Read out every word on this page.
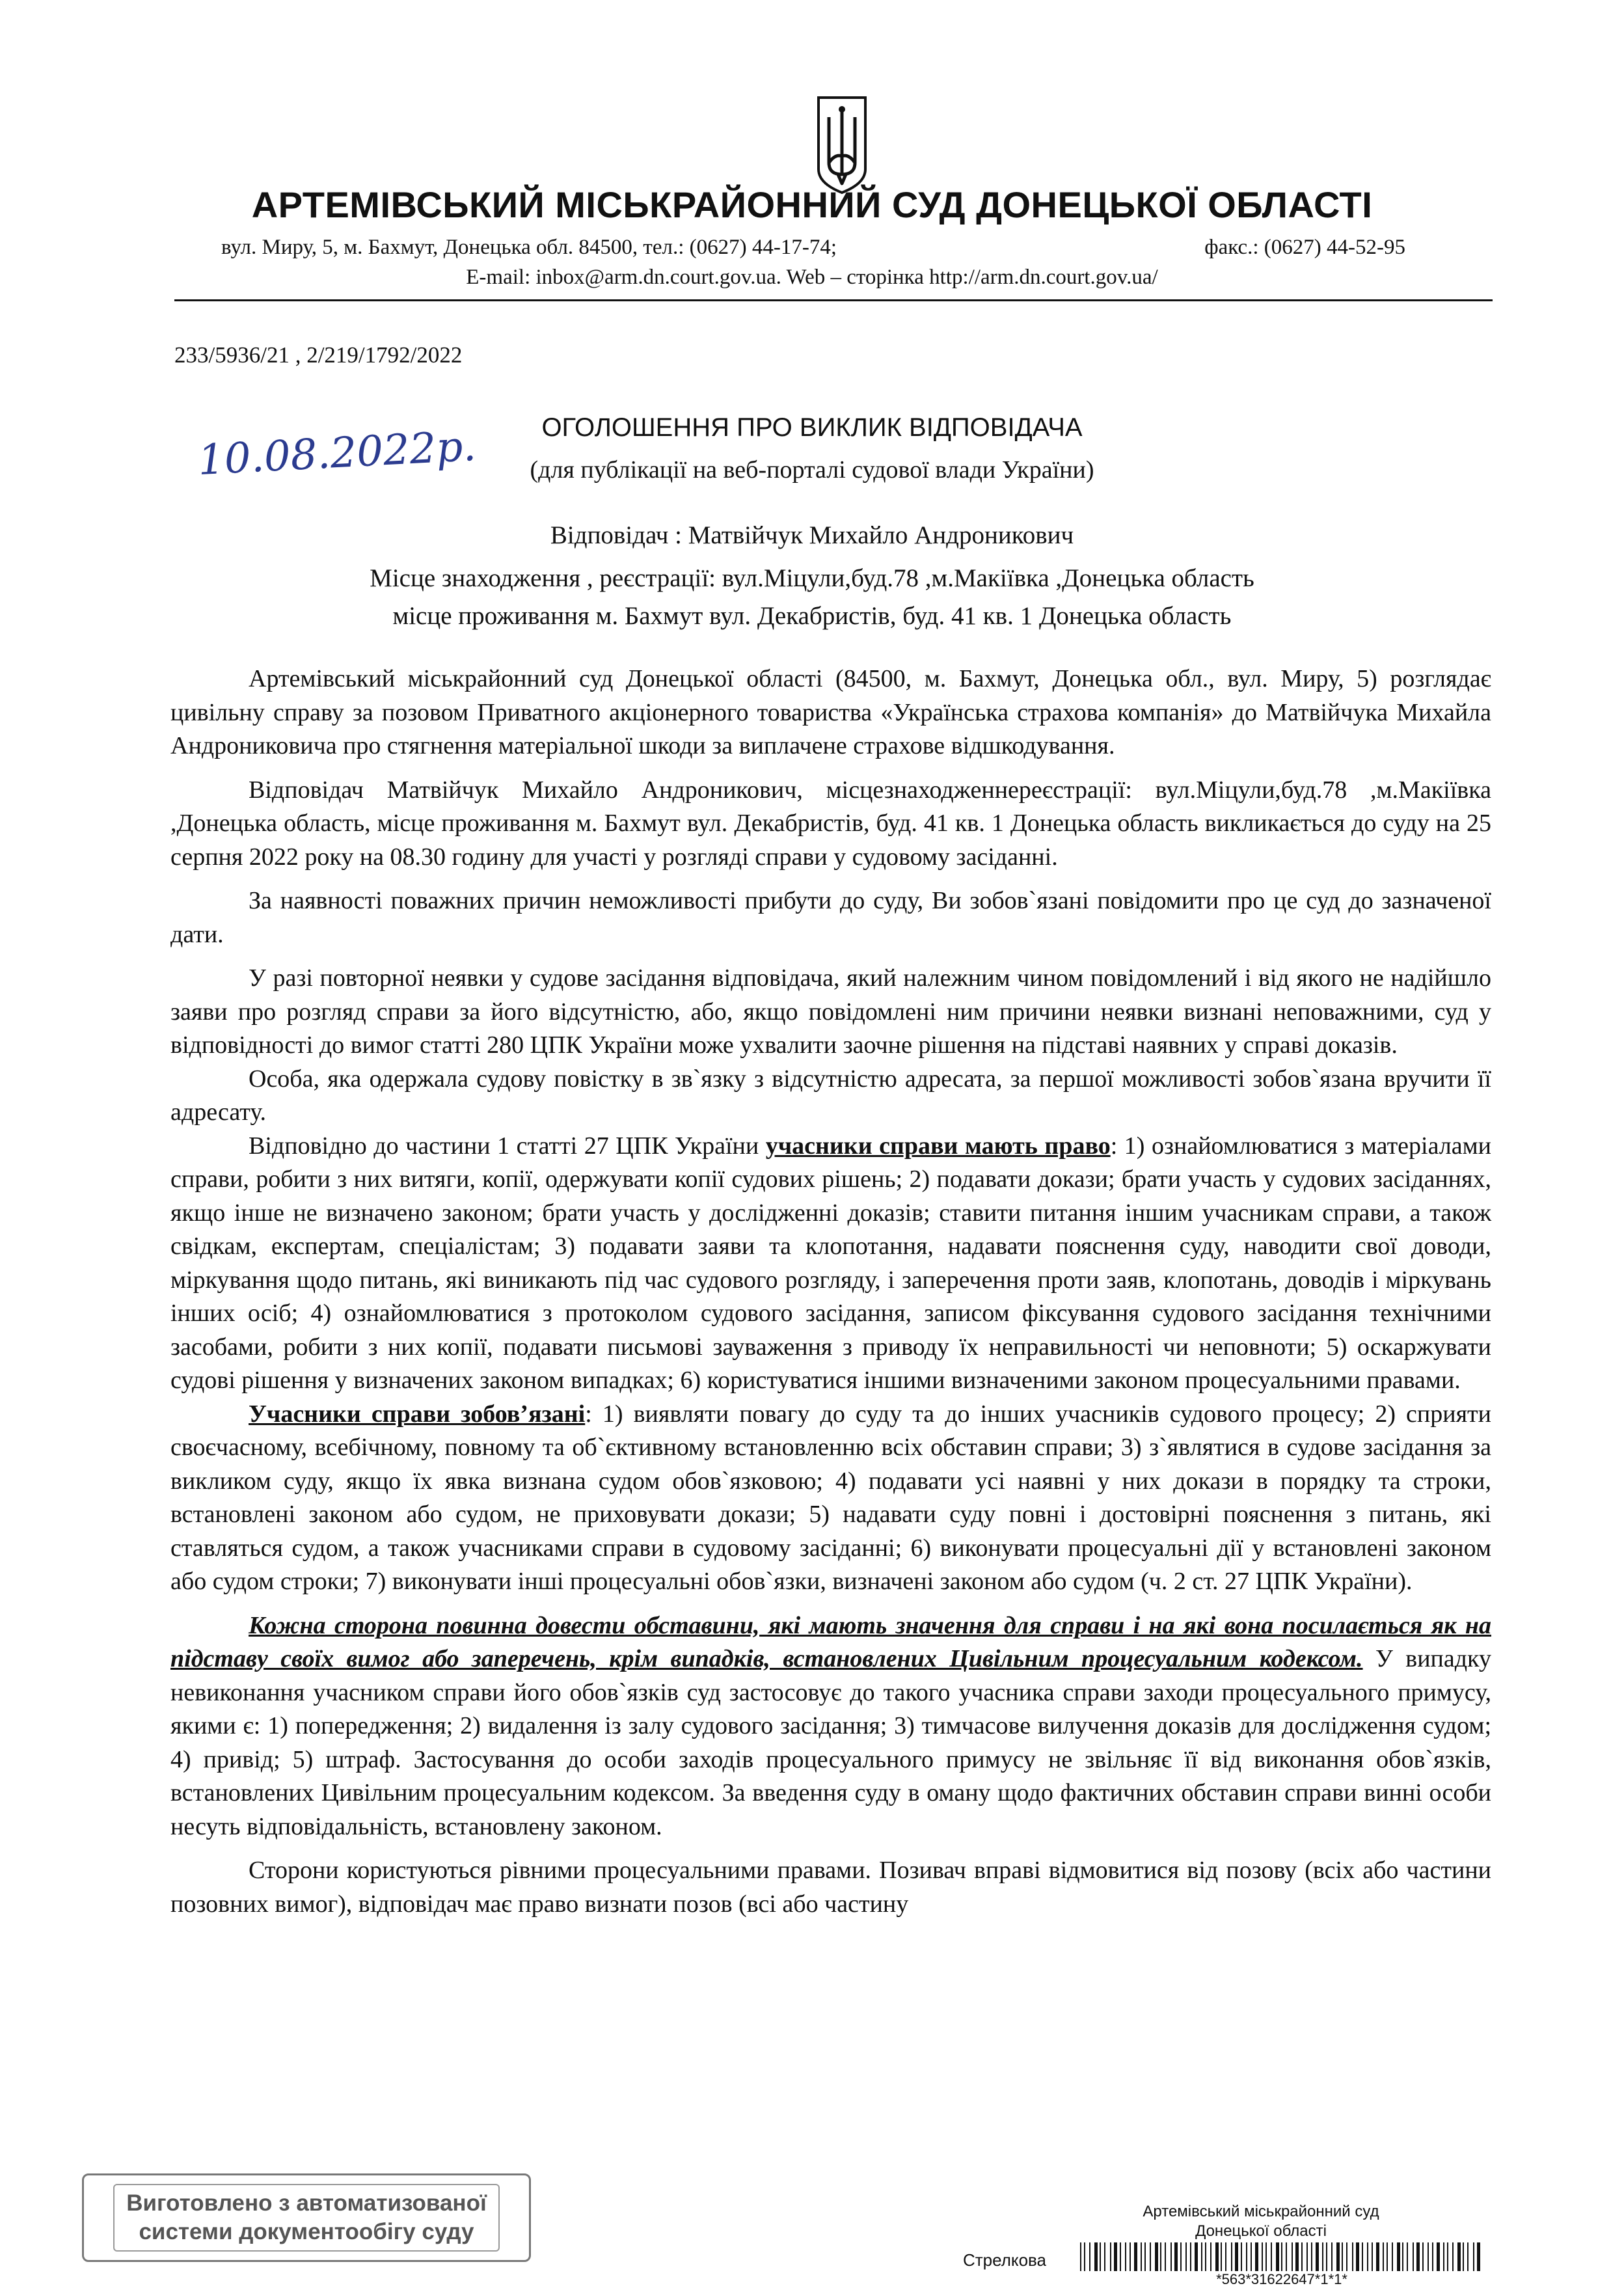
АРТЕМІВСЬКИЙ МІСЬКРАЙОННИЙ СУД ДОНЕЦЬКОЇ ОБЛАСТІ
вул. Миру, 5, м. Бахмут, Донецька обл. 84500, тел.: (0627) 44-17-74;	факс.: (0627) 44-52-95
E-mail: inbox@arm.dn.court.gov.ua. Web – сторінка http://arm.dn.court.gov.ua/
233/5936/21 , 2/219/1792/2022
ОГОЛОШЕННЯ ПРО ВИКЛИК ВІДПОВІДАЧА
(для публікації на веб-порталі судової влади України)
10.08.2022р.
Відповідач : Матвійчук Михайло Андроникович
Місце знаходження , реєстрації: вул.Міцули,буд.78 ,м.Макіївка ,Донецька область
місце проживання м. Бахмут вул. Декабристів, буд. 41 кв. 1 Донецька область

Артемівський міськрайонний суд Донецької області (84500, м. Бахмут, Донецька обл., вул. Миру, 5) розглядає цивільну справу за позовом Приватного акціонерного товариства «Українська страхова компанія» до Матвійчука Михайла Андрониковича про стягнення матеріальної шкоди за виплачене страхове відшкодування.

Відповідач Матвійчук Михайло Андроникович, місцезнаходженнереєстрації: вул.Міцули,буд.78 ,м.Макіївка ,Донецька область, місце проживання м. Бахмут вул. Декабристів, буд. 41 кв. 1 Донецька область викликається до суду на 25 серпня 2022 року на 08.30 годину для участі у розгляді справи у судовому засіданні.

За наявності поважних причин неможливості прибути до суду, Ви зобов`язані повідомити про це суд до зазначеної дати.

У разі повторної неявки у судове засідання відповідача, який належним чином повідомлений і від якого не надійшло заяви про розгляд справи за його відсутністю, або, якщо повідомлені ним причини неявки визнані неповажними, суд у відповідності до вимог статті 280 ЦПК України може ухвалити заочне рішення на підставі наявних у справі доказів.

Особа, яка одержала судову повістку в зв`язку з відсутністю адресата, за першої можливості зобов`язана вручити її адресату.

Відповідно до частини 1 статті 27 ЦПК України учасники справи мають право: 1) ознайомлюватися з матеріалами справи, робити з них витяги, копії, одержувати копії судових рішень; 2) подавати докази; брати участь у судових засіданнях, якщо інше не визначено законом; брати участь у дослідженні доказів; ставити питання іншим учасникам справи, а також свідкам, експертам, спеціалістам; 3) подавати заяви та клопотання, надавати пояснення суду, наводити свої доводи, міркування щодо питань, які виникають під час судового розгляду, і заперечення проти заяв, клопотань, доводів і міркувань інших осіб; 4) ознайомлюватися з протоколом судового засідання, записом фіксування судового засідання технічними засобами, робити з них копії, подавати письмові зауваження з приводу їх неправильності чи неповноти; 5) оскаржувати судові рішення у визначених законом випадках; 6) користуватися іншими визначеними законом процесуальними правами.

Учасники справи зобов’язані: 1) виявляти повагу до суду та до інших учасників судового процесу; 2) сприяти своєчасному, всебічному, повному та об`єктивному встановленню всіх обставин справи; 3) з`являтися в судове засідання за викликом суду, якщо їх явка визнана судом обов`язковою; 4) подавати усі наявні у них докази в порядку та строки, встановлені законом або судом, не приховувати докази; 5) надавати суду повні і достовірні пояснення з питань, які ставляться судом, а також учасниками справи в судовому засіданні; 6) виконувати процесуальні дії у встановлені законом або судом строки; 7) виконувати інші процесуальні обов`язки, визначені законом або судом (ч. 2 ст. 27 ЦПК України).

Кожна сторона повинна довести обставини, які мають значення для справи і на які вона посилається як на підставу своїх вимог або заперечень, крім випадків, встановлених Цивільним процесуальним кодексом. У випадку невиконання учасником справи його обов`язків суд застосовує до такого учасника справи заходи процесуального примусу, якими є: 1) попередження; 2) видалення із залу судового засідання; 3) тимчасове вилучення доказів для дослідження судом; 4) привід; 5) штраф. Застосування до особи заходів процесуального примусу не звільняє її від виконання обов`язків, встановлених Цивільним процесуальним кодексом. За введення суду в оману щодо фактичних обставин справи винні особи несуть відповідальність, встановлену законом.

Сторони користуються рівними процесуальними правами. Позивач вправі відмовитися від позову (всіх або частини позовних вимог), відповідач має право визнати позов (всі або частину

Виготовлено з автоматизованої
системи документообігу суду
Артемівський міськрайонний суд
Донецької області
Стрелкова
*563*31622647*1*1*
